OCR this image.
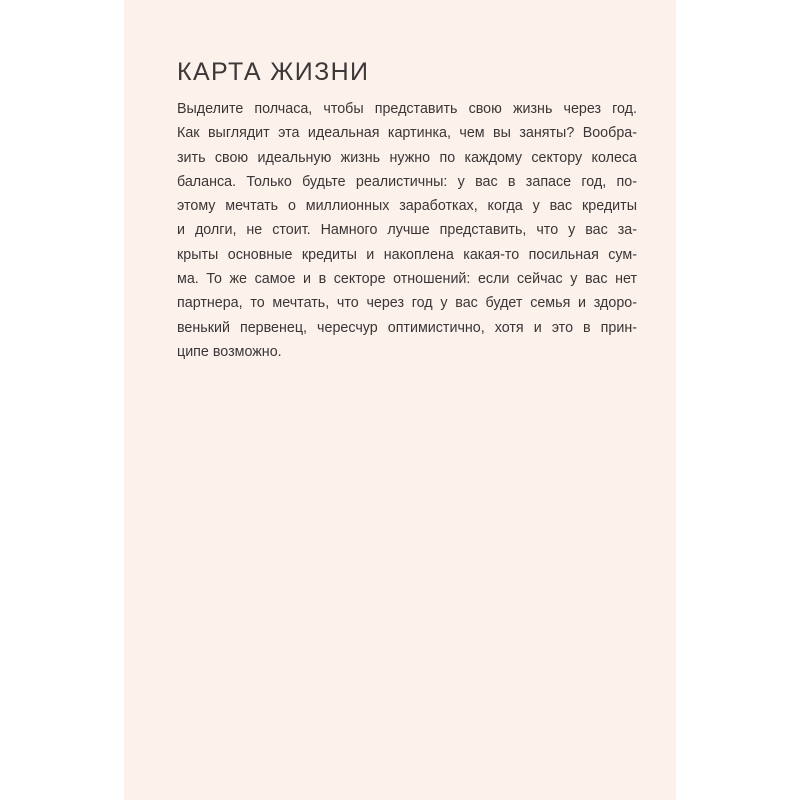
КАРТА ЖИЗНИ
Выделите полчаса, чтобы представить свою жизнь через год.
Как выглядит эта идеальная картинка, чем вы заняты? Вообра-
зить свою идеальную жизнь нужно по каждому сектору колеса
баланса. Только будьте реалистичны: у вас в запасе год, по-
этому мечтать о миллионных заработках, когда у вас кредиты
и долги, не стоит. Намного лучше представить, что у вас за-
крыты основные кредиты и накоплена какая-то посильная сум-
ма. То же самое и в секторе отношений: если сейчас у вас нет
партнера, то мечтать, что через год у вас будет семья и здоро-
венький первенец, чересчур оптимистично, хотя и это в прин-
ципе возможно.
